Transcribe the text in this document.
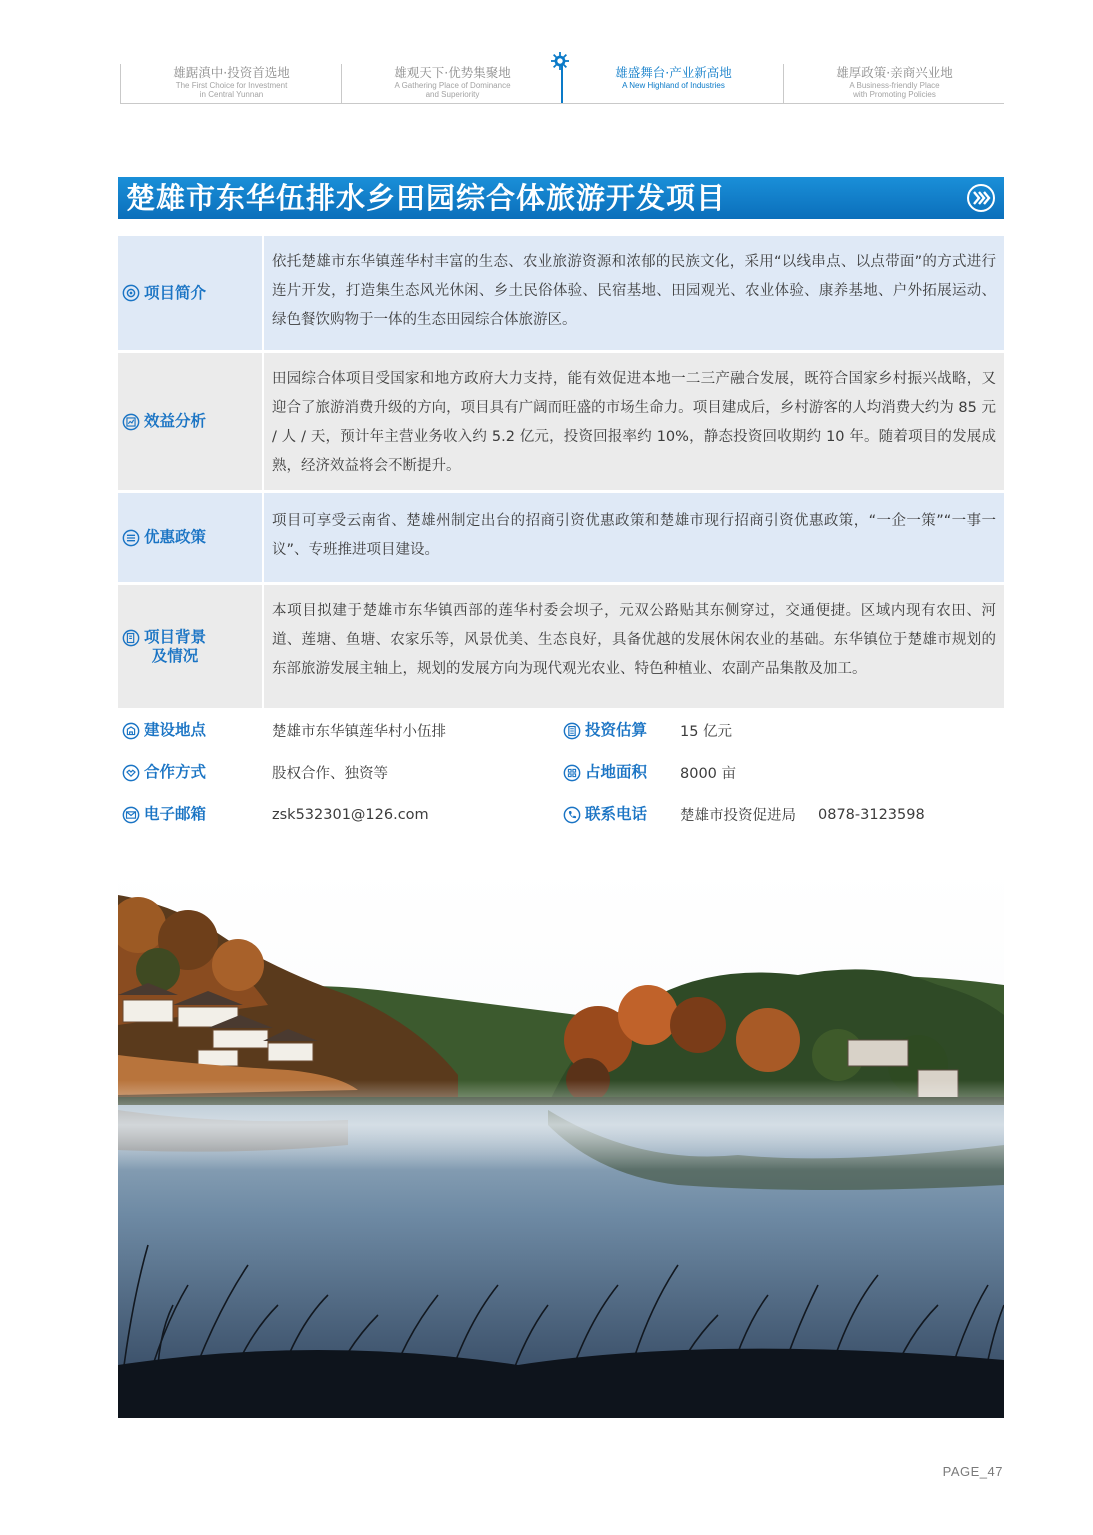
雄踞滇中·投资首选地
The First Choice for Investment
in Central Yunnan
雄观天下·优势集聚地
A Gathering Place of Dominance
and Superiority
雄盛舞台·产业新高地
A New Highland of Industries
雄厚政策·亲商兴业地
A Business-friendly Place
with Promoting Policies
楚雄市东华伍排水乡田园综合体旅游开发项目
项目简介
依托楚雄市东华镇莲华村丰富的生态、农业旅游资源和浓郁的民族文化，采用“以线串点、以点带面”的方式进行连片开发，打造集生态风光休闲、乡土民俗体验、民宿基地、田园观光、农业体验、康养基地、户外拓展运动、绿色餐饮购物于一体的生态田园综合体旅游区。
效益分析
田园综合体项目受国家和地方政府大力支持，能有效促进本地一二三产融合发展，既符合国家乡村振兴战略，又迎合了旅游消费升级的方向，项目具有广阔而旺盛的市场生命力。项目建成后，乡村游客的人均消费大约为 85 元 / 人 / 天，预计年主营业务收入约 5.2 亿元，投资回报率约 10%，静态投资回收期约 10 年。随着项目的发展成熟，经济效益将会不断提升。
优惠政策
项目可享受云南省、楚雄州制定出台的招商引资优惠政策和楚雄市现行招商引资优惠政策，“一企一策”“一事一议”、专班推进项目建设。
项目背景
及情况
本项目拟建于楚雄市东华镇西部的莲华村委会坝子，元双公路贴其东侧穿过，交通便捷。区域内现有农田、河道、莲塘、鱼塘、农家乐等，风景优美、生态良好，具备优越的发展休闲农业的基础。东华镇位于楚雄市规划的东部旅游发展主轴上，规划的发展方向为现代观光农业、特色种植业、农副产品集散及加工。
建设地点	楚雄市东华镇莲华村小伍排	投资估算	15 亿元
合作方式	股权合作、独资等	占地面积	8000 亩
电子邮箱	zsk532301@126.com	联系电话 楚雄市投资促进局 0878-3123598
PAGE_47
